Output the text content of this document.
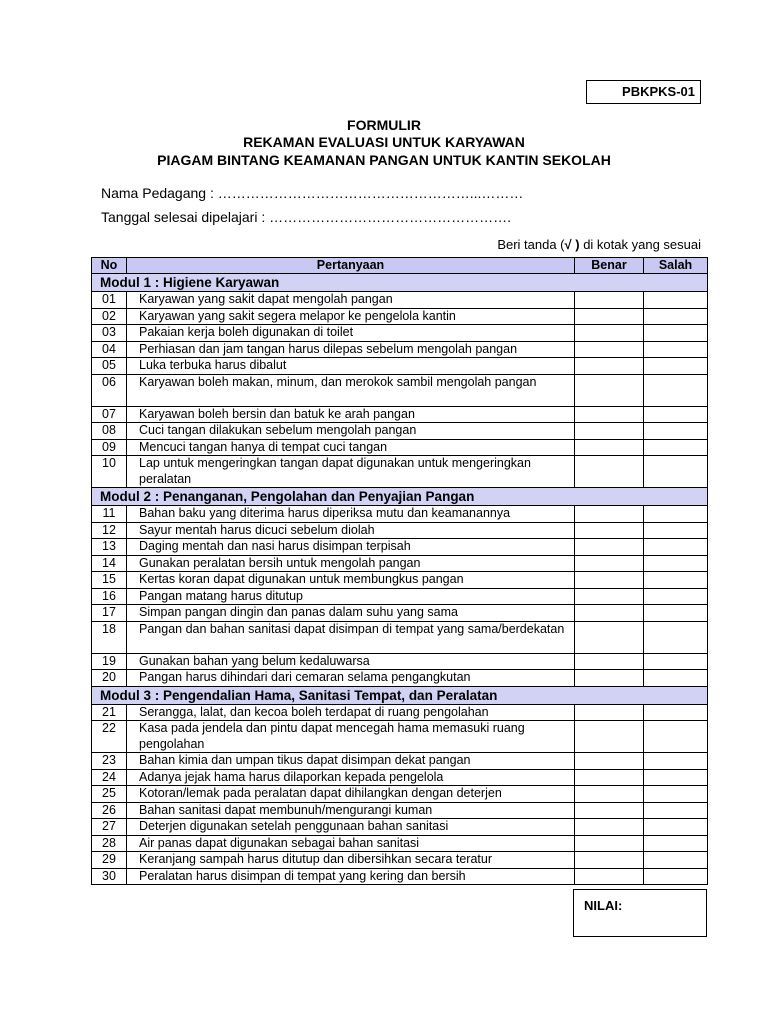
PBKPKS-01
FORMULIR
REKAMAN EVALUASI UNTUK KARYAWAN
PIAGAM BINTANG KEAMANAN PANGAN UNTUK KANTIN SEKOLAH
Nama Pedagang : ………………………………………………...………
Tanggal selesai dipelajari : …………………………………………….
Beri tanda (√ ) di kotak yang sesuai
No	Pertanyaan	Benar	Salah
Modul 1 : Higiene Karyawan			
01	Karyawan yang sakit dapat mengolah pangan		
02	Karyawan yang sakit segera melapor ke pengelola kantin		
03	Pakaian kerja boleh digunakan di toilet		
04	Perhiasan dan jam tangan harus dilepas sebelum mengolah pangan		
05	Luka terbuka harus dibalut		
06	Karyawan boleh makan, minum, dan merokok sambil mengolah pangan		
07	Karyawan boleh bersin dan batuk ke arah pangan		
08	Cuci tangan dilakukan sebelum mengolah pangan		
09	Mencuci tangan hanya di tempat cuci tangan		
10	Lap untuk mengeringkan tangan dapat digunakan untuk mengeringkan peralatan		
Modul 2 : Penanganan, Pengolahan dan Penyajian Pangan			
11	Bahan baku yang diterima harus diperiksa mutu dan keamanannya		
12	Sayur mentah harus dicuci sebelum diolah		
13	Daging mentah dan nasi harus disimpan terpisah		
14	Gunakan peralatan bersih untuk mengolah pangan		
15	Kertas koran dapat digunakan untuk membungkus pangan		
16	Pangan matang harus ditutup		
17	Simpan pangan dingin dan panas dalam suhu yang sama		
18	Pangan dan bahan sanitasi dapat disimpan di tempat yang sama/berdekatan		
19	Gunakan bahan yang belum kedaluwarsa		
20	Pangan harus dihindari dari cemaran selama pengangkutan		
Modul 3 : Pengendalian Hama, Sanitasi Tempat, dan Peralatan			
21	Serangga, lalat, dan kecoa boleh terdapat di ruang pengolahan		
22	Kasa pada jendela dan pintu dapat mencegah hama memasuki ruang pengolahan		
23	Bahan kimia dan umpan tikus dapat disimpan dekat pangan		
24	Adanya jejak hama harus dilaporkan kepada pengelola		
25	Kotoran/lemak pada peralatan dapat dihilangkan dengan deterjen		
26	Bahan sanitasi dapat membunuh/mengurangi kuman		
27	Deterjen digunakan setelah penggunaan bahan sanitasi		
28	Air panas dapat digunakan sebagai bahan sanitasi		
29	Keranjang sampah harus ditutup dan dibersihkan secara teratur		
30	Peralatan harus disimpan di tempat yang kering dan bersih		
NILAI:
